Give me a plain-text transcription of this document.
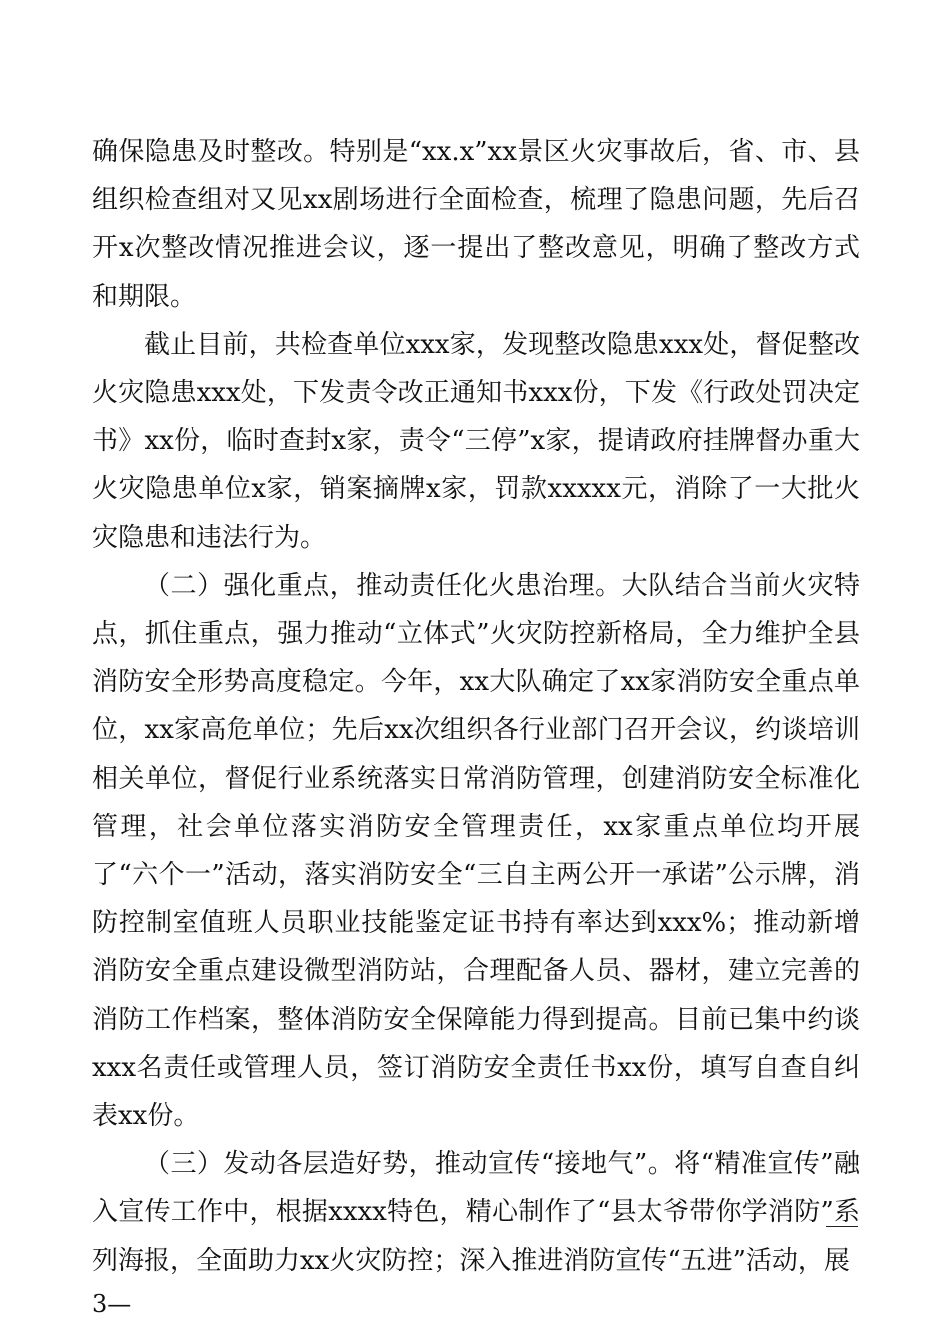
确保隐患及时整改。特别是“xx.x”xx景区火灾事故后，省、市、县组织检查组对又见xx剧场进行全面检查，梳理了隐患问题，先后召开x次整改情况推进会议，逐一提出了整改意见，明确了整改方式和期限。

截止目前，共检查单位xxx家，发现整改隐患xxx处，督促整改火灾隐患xxx处，下发责令改正通知书xxx份，下发《行政处罚决定书》xx份，临时查封x家，责令“三停”x家，提请政府挂牌督办重大火灾隐患单位x家，销案摘牌x家，罚款xxxxx元，消除了一大批火灾隐患和违法行为。

（二）强化重点，推动责任化火患治理。大队结合当前火灾特点，抓住重点，强力推动“立体式”火灾防控新格局，全力维护全县消防安全形势高度稳定。今年，xx大队确定了xx家消防安全重点单位，xx家高危单位；先后xx次组织各行业部门召开会议，约谈培训相关单位，督促行业系统落实日常消防管理，创建消防安全标准化管理，社会单位落实消防安全管理责任，xx家重点单位均开展了“六个一”活动，落实消防安全“三自主两公开一承诺”公示牌，消防控制室值班人员职业技能鉴定证书持有率达到xxx%；推动新增消防安全重点建设微型消防站，合理配备人员、器材，建立完善的消防工作档案，整体消防安全保障能力得到提高。目前已集中约谈xxx名责任或管理人员，签订消防安全责任书xx份，填写自查自纠表xx份。

（三）发动各层造好势，推动宣传“接地气”。将“精准宣传”融入宣传工作中，根据xxxx特色，精心制作了“县太爷带你学消防”系列海报，全面助力xx火灾防控；深入推进消防宣传“五进”活动，展

3—
